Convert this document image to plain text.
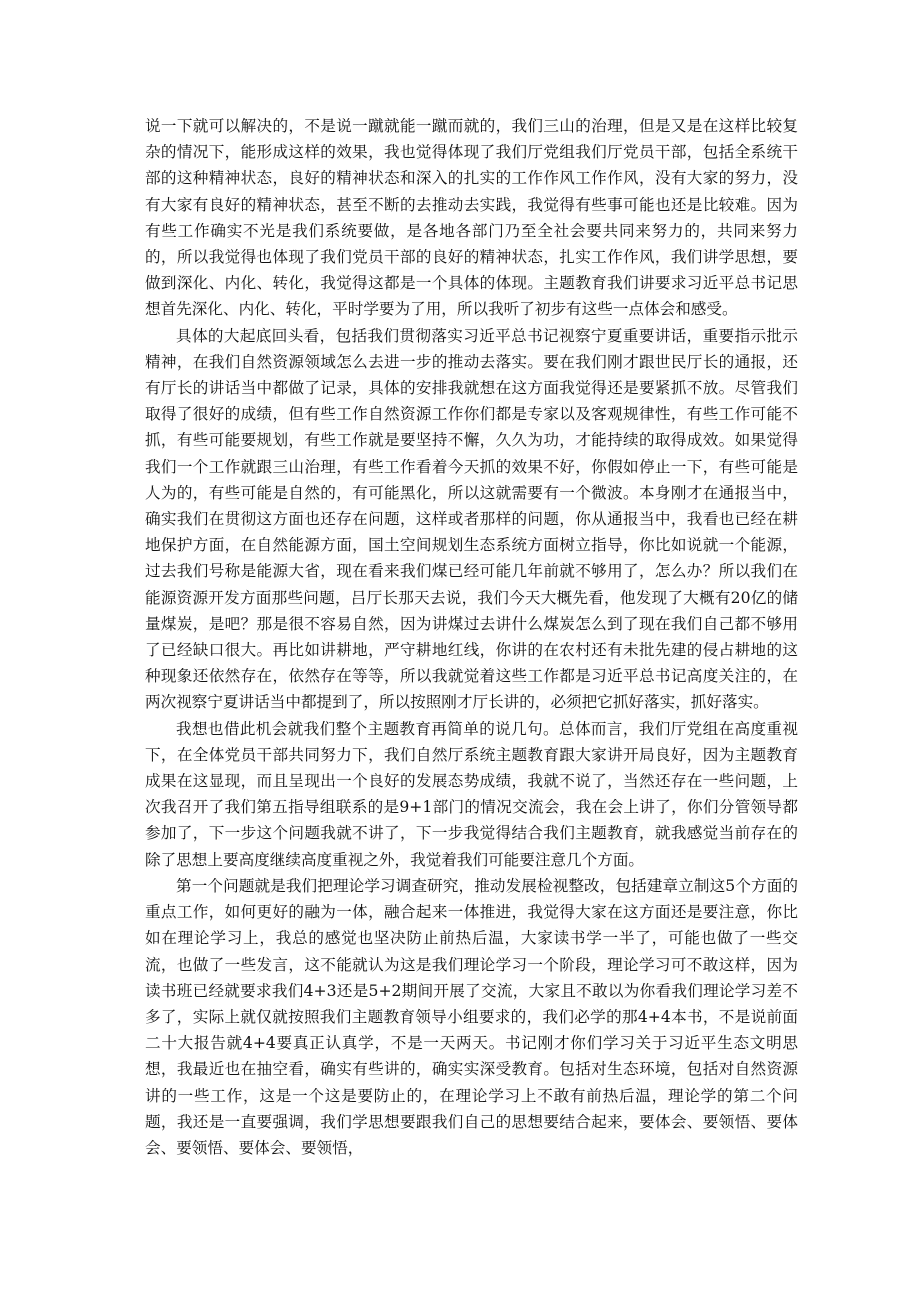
说一下就可以解决的，不是说一蹴就能一蹴而就的，我们三山的治理，但是又是在这样比较复杂的情况下，能形成这样的效果，我也觉得体现了我们厅党组我们厅党员干部，包括全系统干部的这种精神状态，良好的精神状态和深入的扎实的工作作风工作作风，没有大家的努力，没有大家有良好的精神状态，甚至不断的去推动去实践，我觉得有些事可能也还是比较难。因为有些工作确实不光是我们系统要做，是各地各部门乃至全社会要共同来努力的，共同来努力的，所以我觉得也体现了我们党员干部的良好的精神状态，扎实工作作风，我们讲学思想，要做到深化、内化、转化，我觉得这都是一个具体的体现。主题教育我们讲要求习近平总书记思想首先深化、内化、转化，平时学要为了用，所以我听了初步有这些一点体会和感受。

具体的大起底回头看，包括我们贯彻落实习近平总书记视察宁夏重要讲话，重要指示批示精神，在我们自然资源领域怎么去进一步的推动去落实。要在我们刚才跟世民厅长的通报，还有厅长的讲话当中都做了记录，具体的安排我就想在这方面我觉得还是要紧抓不放。尽管我们取得了很好的成绩，但有些工作自然资源工作你们都是专家以及客观规律性，有些工作可能不抓，有些可能要规划，有些工作就是要坚持不懈，久久为功，才能持续的取得成效。如果觉得我们一个工作就跟三山治理，有些工作看着今天抓的效果不好，你假如停止一下，有些可能是人为的，有些可能是自然的，有可能黑化，所以这就需要有一个微波。本身刚才在通报当中，确实我们在贯彻这方面也还存在问题，这样或者那样的问题，你从通报当中，我看也已经在耕地保护方面，在自然能源方面，国土空间规划生态系统方面树立指导，你比如说就一个能源，过去我们号称是能源大省，现在看来我们煤已经可能几年前就不够用了，怎么办？所以我们在能源资源开发方面那些问题，吕厅长那天去说，我们今天大概先看，他发现了大概有20亿的储量煤炭，是吧？那是很不容易自然，因为讲煤过去讲什么煤炭怎么到了现在我们自己都不够用了已经缺口很大。再比如讲耕地，严守耕地红线，你讲的在农村还有未批先建的侵占耕地的这种现象还依然存在，依然存在等等，所以我就觉着这些工作都是习近平总书记高度关注的，在两次视察宁夏讲话当中都提到了，所以按照刚才厅长讲的，必须把它抓好落实，抓好落实。

我想也借此机会就我们整个主题教育再简单的说几句。总体而言，我们厅党组在高度重视下，在全体党员干部共同努力下，我们自然厅系统主题教育跟大家讲开局良好，因为主题教育成果在这显现，而且呈现出一个良好的发展态势成绩，我就不说了，当然还存在一些问题，上次我召开了我们第五指导组联系的是9+1部门的情况交流会，我在会上讲了，你们分管领导都参加了，下一步这个问题我就不讲了，下一步我觉得结合我们主题教育，就我感觉当前存在的除了思想上要高度继续高度重视之外，我觉着我们可能要注意几个方面。

第一个问题就是我们把理论学习调查研究，推动发展检视整改，包括建章立制这5个方面的重点工作，如何更好的融为一体，融合起来一体推进，我觉得大家在这方面还是要注意，你比如在理论学习上，我总的感觉也坚决防止前热后温，大家读书学一半了，可能也做了一些交流，也做了一些发言，这不能就认为这是我们理论学习一个阶段，理论学习可不敢这样，因为读书班已经就要求我们4+3还是5+2期间开展了交流，大家且不敢以为你看我们理论学习差不多了，实际上就仅就按照我们主题教育领导小组要求的，我们必学的那4+4本书，不是说前面二十大报告就4+4要真正认真学，不是一天两天。书记刚才你们学习关于习近平生态文明思想，我最近也在抽空看，确实有些讲的，确实实深受教育。包括对生态环境，包括对自然资源讲的一些工作，这是一个这是要防止的，在理论学习上不敢有前热后温，理论学的第二个问题，我还是一直要强调，我们学思想要跟我们自己的思想要结合起来，要体会、要领悟、要体会、要领悟、要体会、要领悟，
